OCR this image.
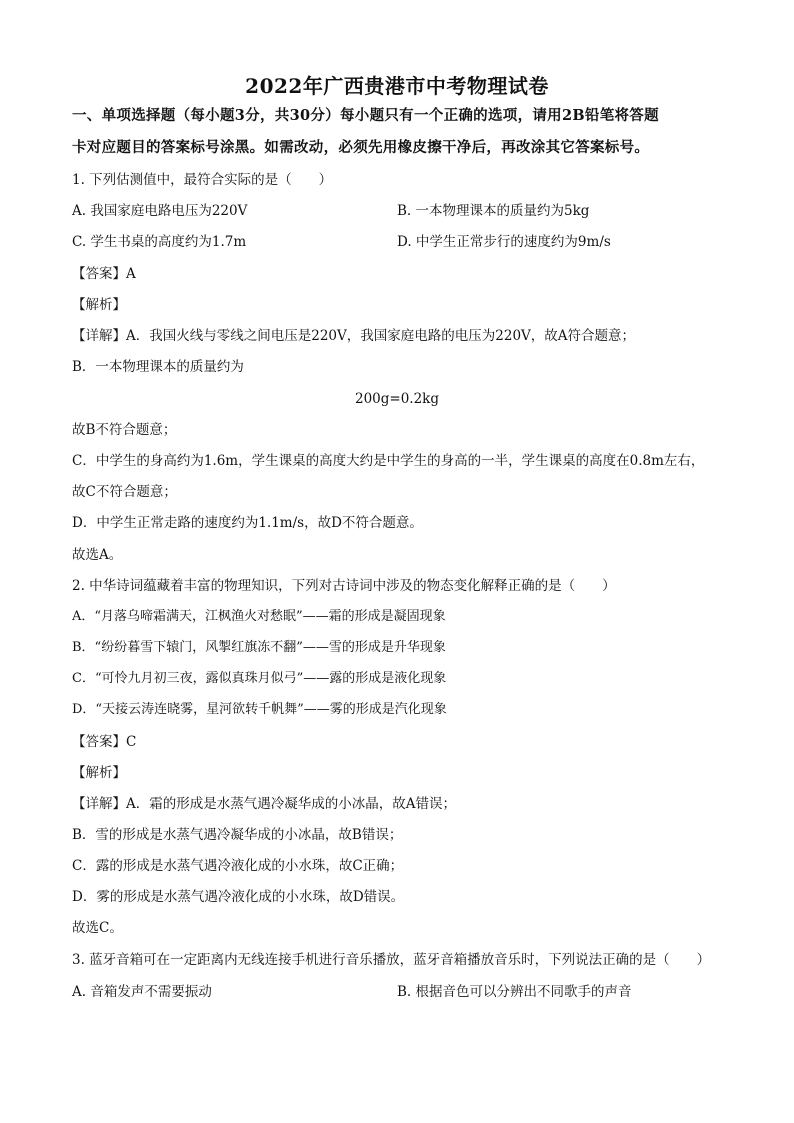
2022年广西贵港市中考物理试卷
一、单项选择题（每小题3分，共30分）每小题只有一个正确的选项，请用2B铅笔将答题
卡对应题目的答案标号涂黑。如需改动，必须先用橡皮擦干净后，再改涂其它答案标号。
1. 下列估测值中，最符合实际的是（　　）
A. 我国家庭电路电压为220V	B. 一本物理课本的质量约为5kg
C. 学生书桌的高度约为1.7m	D. 中学生正常步行的速度约为9m/s
【答案】A
【解析】
【详解】A．我国火线与零线之间电压是220V，我国家庭电路的电压为220V，故A符合题意；
B．一本物理课本的质量约为
200g=0.2kg
故B不符合题意；
C．中学生的身高约为1.6m，学生课桌的高度大约是中学生的身高的一半，学生课桌的高度在0.8m左右，
故C不符合题意；
D．中学生正常走路的速度约为1.1m/s，故D不符合题意。
故选A。
2. 中华诗词蕴藏着丰富的物理知识，下列对古诗词中涉及的物态变化解释正确的是（　　）
A．“月落乌啼霜满天，江枫渔火对愁眠”——霜的形成是凝固现象
B．“纷纷暮雪下辕门，风掣红旗冻不翻”——雪的形成是升华现象
C．“可怜九月初三夜，露似真珠月似弓”——露的形成是液化现象
D．“天接云涛连晓雾，星河欲转千帆舞”——雾的形成是汽化现象
【答案】C
【解析】
【详解】A．霜的形成是水蒸气遇冷凝华成的小冰晶，故A错误；
B．雪的形成是水蒸气遇冷凝华成的小冰晶，故B错误；
C．露的形成是水蒸气遇冷液化成的小水珠，故C正确；
D．雾的形成是水蒸气遇冷液化成的小水珠，故D错误。
故选C。
3. 蓝牙音箱可在一定距离内无线连接手机进行音乐播放，蓝牙音箱播放音乐时，下列说法正确的是（　　）
A. 音箱发声不需要振动	B. 根据音色可以分辨出不同歌手的声音
